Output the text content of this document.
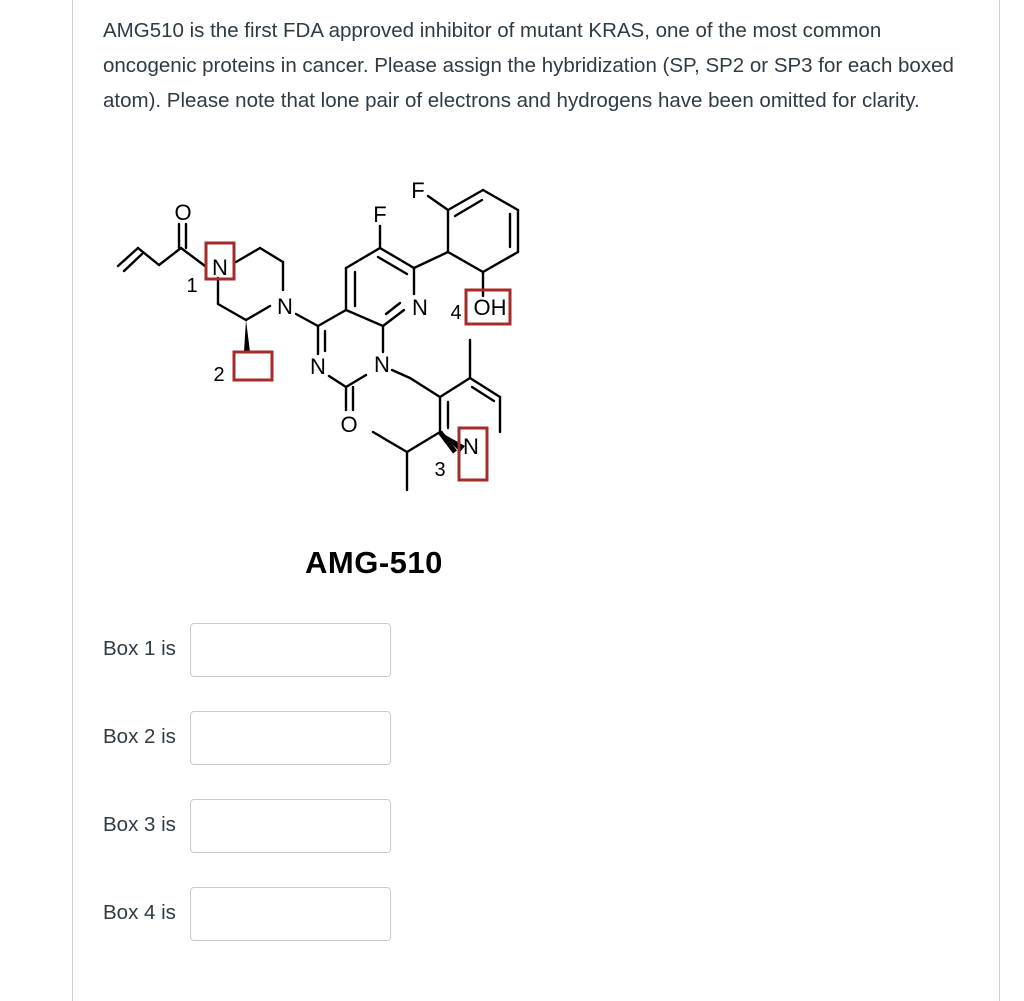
AMG510 is the first FDA approved inhibitor of mutant KRAS, one of the most common oncogenic proteins in cancer. Please assign the hybridization (SP, SP2 or SP3 for each boxed atom). Please note that lone pair of electrons and hydrogens have been omitted for clarity.

O
N
N
F
F
N OH
N N
O
N
1
2
3
4
AMG-510
Box 1 is
Box 2 is
Box 3 is
Box 4 is
